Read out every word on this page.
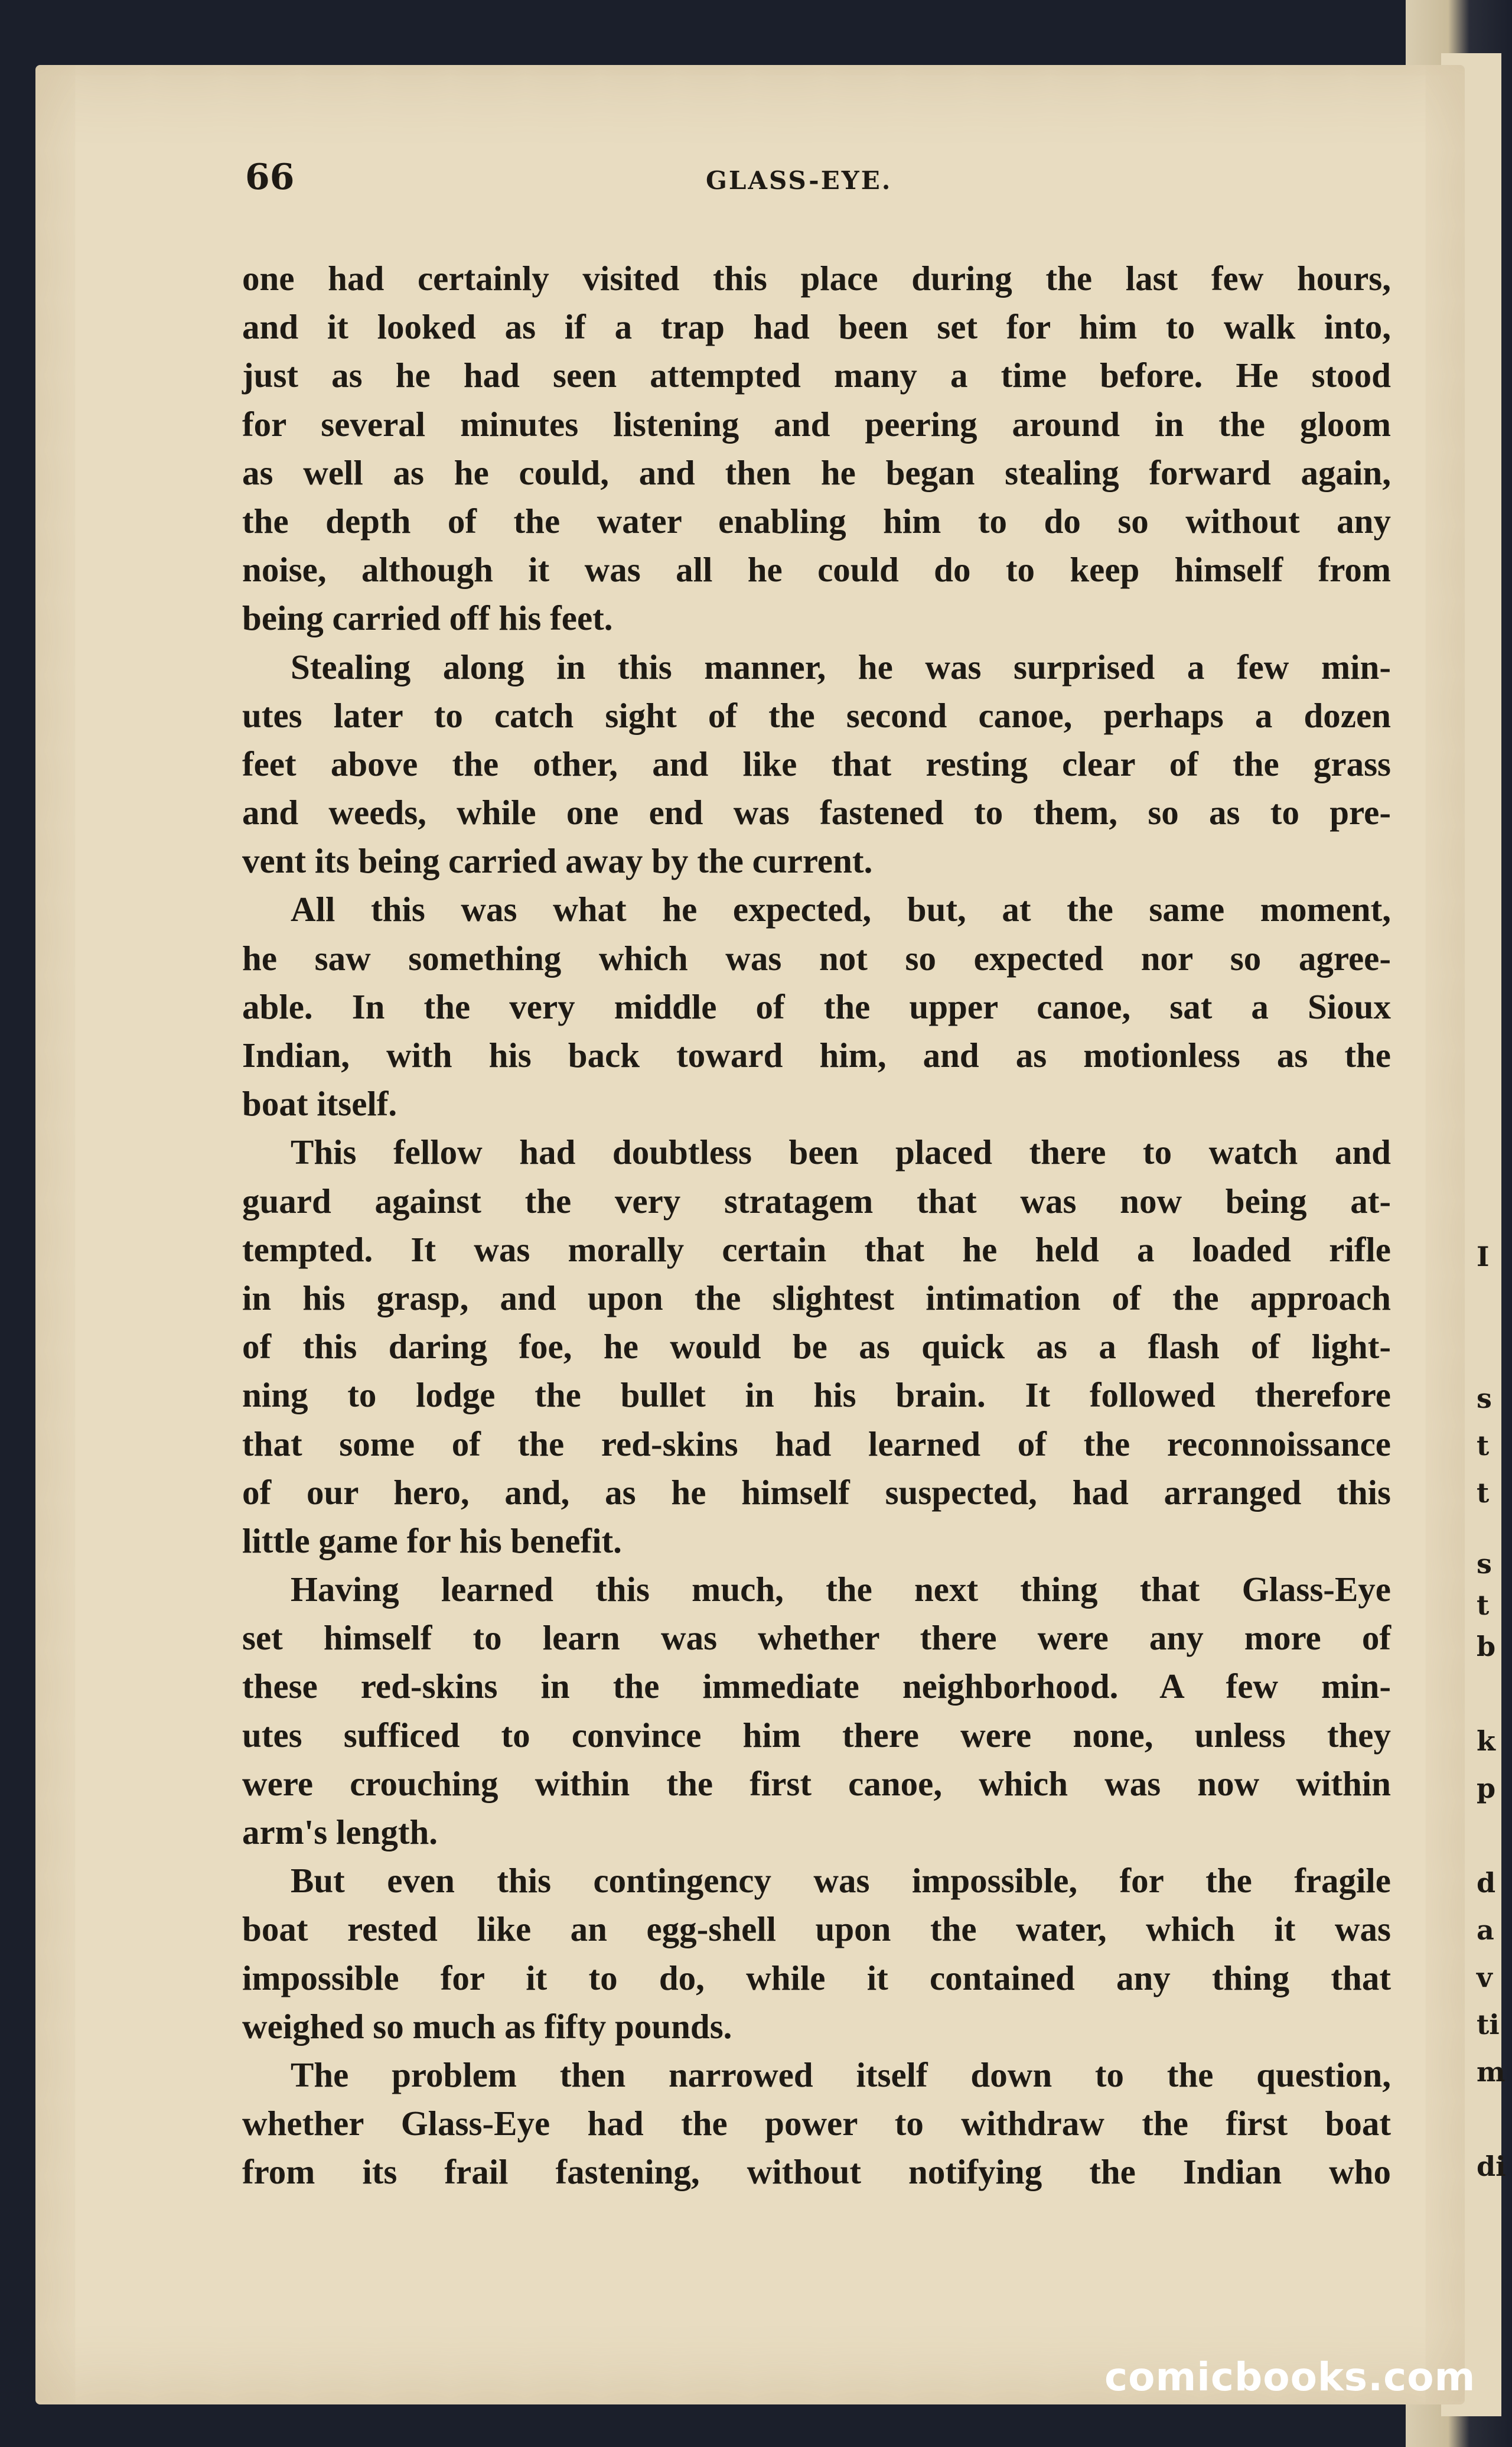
66	GLASS-EYE.
one had certainly visited this place during the last few hours,
and it looked as if a trap had been set for him to walk into,
just as he had seen attempted many a time before. He stood
for several minutes listening and peering around in the gloom
as well as he could, and then he began stealing forward again,
the depth of the water enabling him to do so without any
noise, although it was all he could do to keep himself from
being carried off his feet.
Stealing along in this manner, he was surprised a few min-
utes later to catch sight of the second canoe, perhaps a dozen
feet above the other, and like that resting clear of the grass
and weeds, while one end was fastened to them, so as to pre-
vent its being carried away by the current.
All this was what he expected, but, at the same moment,
he saw something which was not so expected nor so agree-
able. In the very middle of the upper canoe, sat a Sioux
Indian, with his back toward him, and as motionless as the
boat itself.
This fellow had doubtless been placed there to watch and
guard against the very stratagem that was now being at-
tempted. It was morally certain that he held a loaded rifle
in his grasp, and upon the slightest intimation of the approach
of this daring foe, he would be as quick as a flash of light-
ning to lodge the bullet in his brain. It followed therefore
that some of the red-skins had learned of the reconnoissance
of our hero, and, as he himself suspected, had arranged this
little game for his benefit.
Having learned this much, the next thing that Glass-Eye
set himself to learn was whether there were any more of
these red-skins in the immediate neighborhood. A few min-
utes sufficed to convince him there were none, unless they
were crouching within the first canoe, which was now within
arm's length.
But even this contingency was impossible, for the fragile
boat rested like an egg-shell upon the water, which it was
impossible for it to do, while it contained any thing that
weighed so much as fifty pounds.
The problem then narrowed itself down to the question,
whether Glass-Eye had the power to withdraw the first boat
from its frail fastening, without notifying the Indian who
I
s
t
t
s
t
b
k
p
d
a
v
ti
m
di
comicbooks.com
